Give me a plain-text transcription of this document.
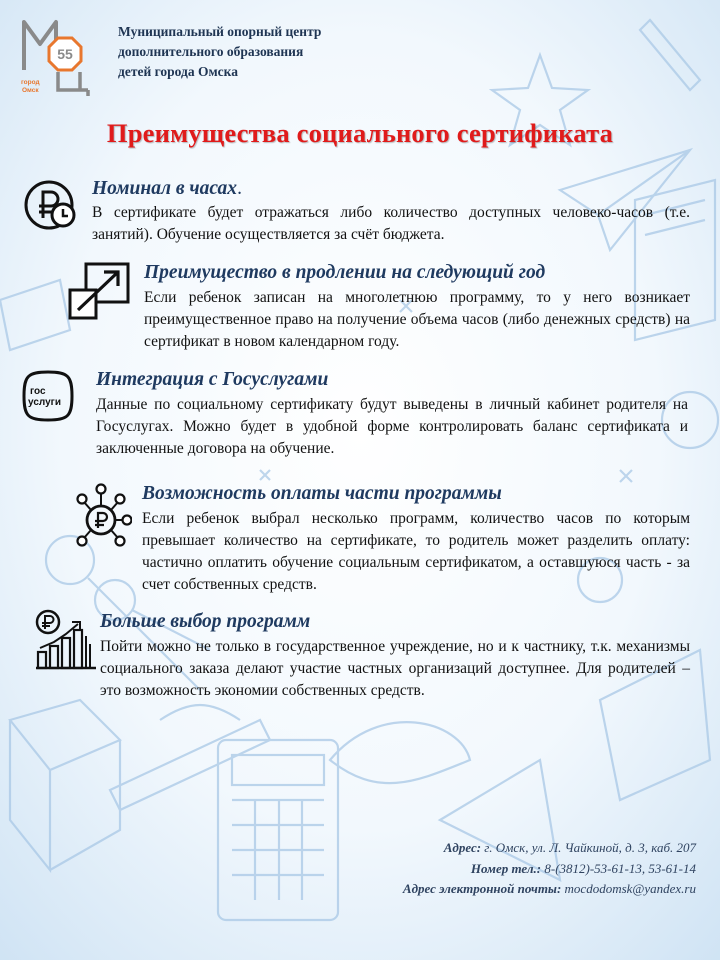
55
город
Омск
Муниципальный опорный центр
дополнительного образования
детей города Омска
Преимущества социального сертификата
Номинал в часах.
В сертификате будет отражаться либо количество доступных человеко-часов (т.е. занятий). Обучение осуществляется за счёт бюджета.
Преимущество в продлении на следующий год
Если ребенок записан на многолетнюю программу, то у него возникает преимущественное право на получение объема часов (либо денежных средств) на сертификат в новом календарном году.
гос
услуги
Интеграция с Госуслугами
Данные по социальному сертификату будут выведены в личный кабинет родителя на Госуслугах. Можно будет в удобной форме контролировать баланс сертификата и заключенные договора на обучение.
Возможность оплаты части программы
Если ребенок выбрал несколько программ, количество часов по которым превышает количество на сертификате, то родитель может разделить оплату: частично оплатить обучение социальным сертификатом, а оставшуюся часть - за счет собственных средств.
Больше выбор программ
Пойти можно не только в государственное учреждение, но и к частнику, т.к. механизмы социального заказа делают участие частных организаций доступнее. Для родителей – это возможность экономии собственных средств.
Адрес: г. Омск, ул. Л. Чайкиной, д. 3, каб. 207
Номер тел.: 8-(3812)-53-61-13, 53-61-14
Адрес электронной почты: mocdodomsk@yandex.ru
